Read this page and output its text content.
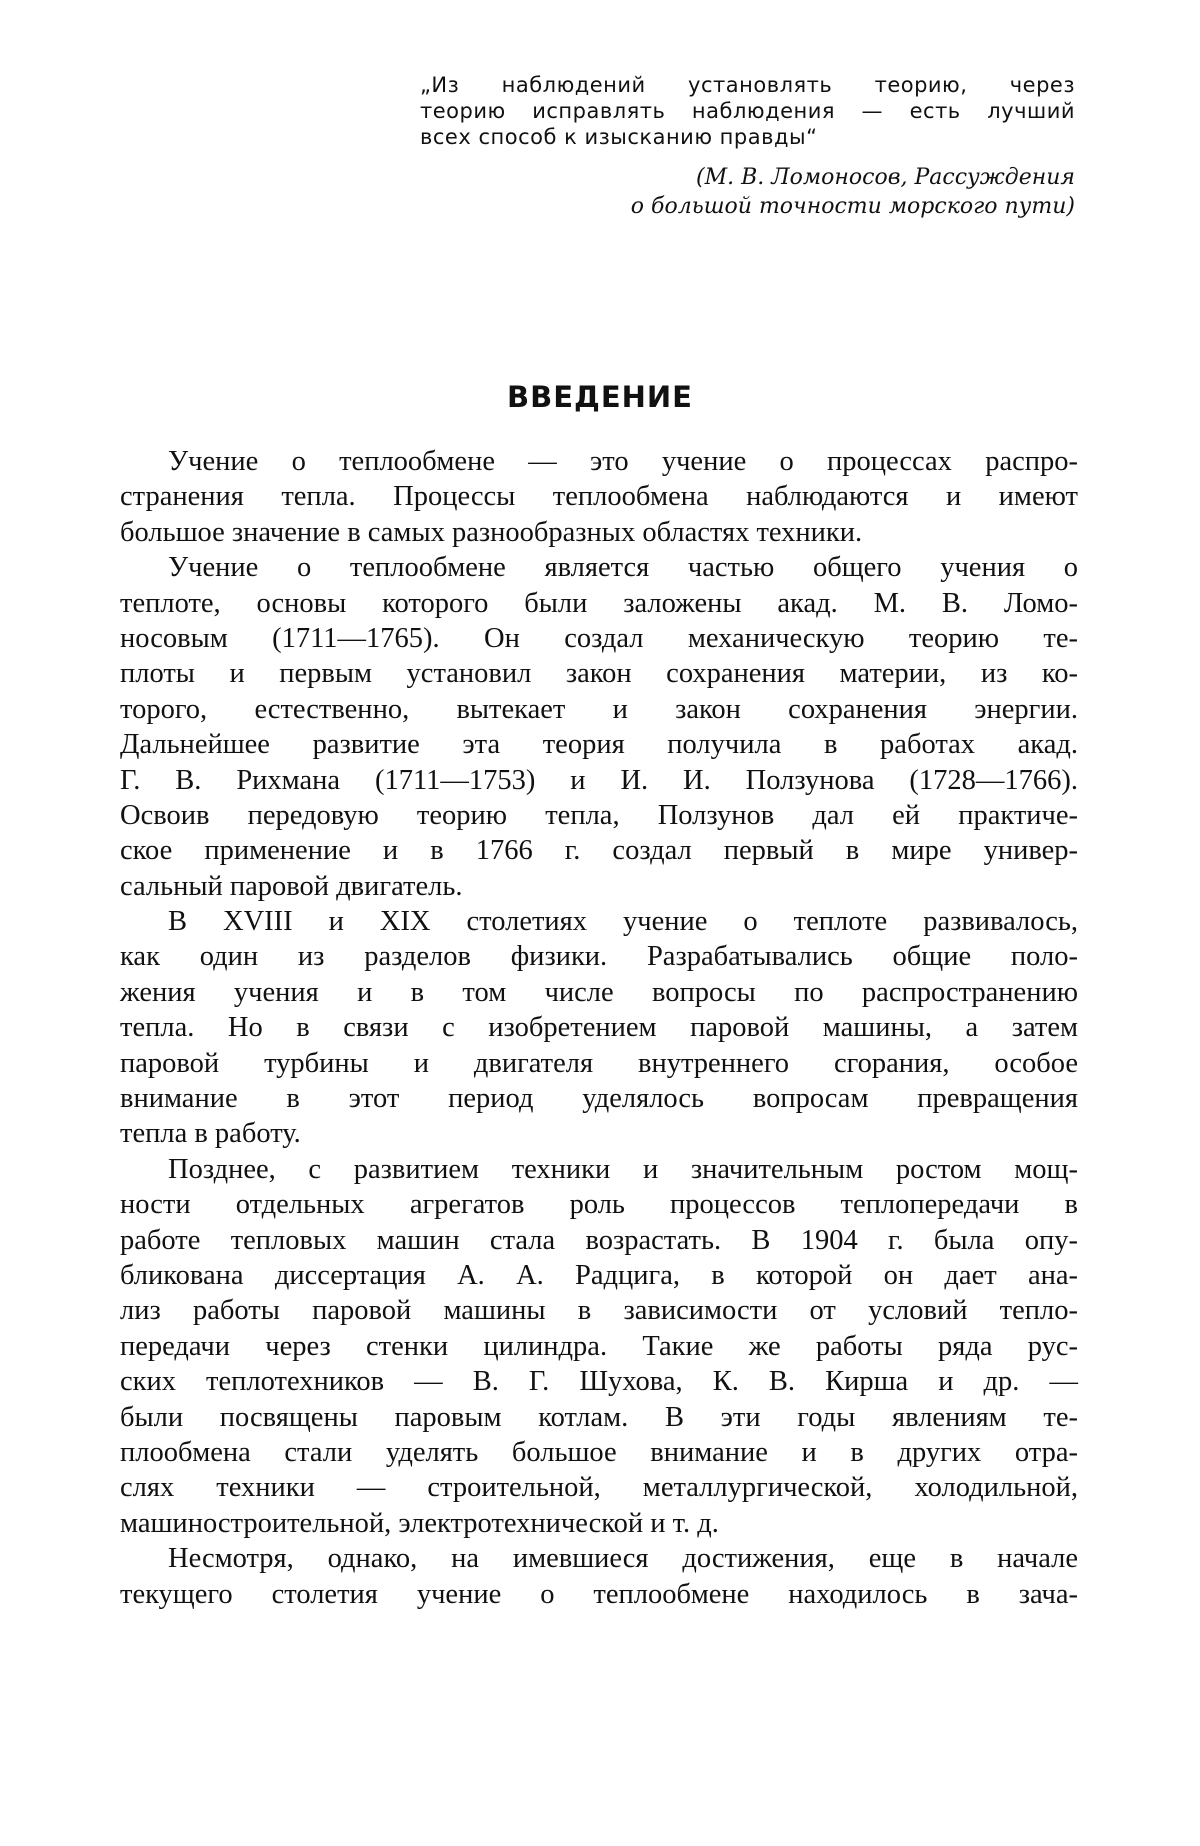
„Из наблюдений установлять теорию, через
теорию исправлять наблюдения — есть лучший
всех способ к изысканию правды“
(М. В. Ломоносов, Рассуждения
о большой точности морского пути)
ВВЕДЕНИЕ
Учение о теплообмене — это учение о процессах распро-
странения тепла. Процессы теплообмена наблюдаются и имеют
большое значение в самых разнообразных областях техники.
Учение о теплообмене является частью общего учения о
теплоте, основы которого были заложены акад. М. В. Ломо-
носовым (1711—1765). Он создал механическую теорию те-
плоты и первым установил закон сохранения материи, из ко-
торого, естественно, вытекает и закон сохранения энергии.
Дальнейшее развитие эта теория получила в работах акад.
Г. В. Рихмана (1711—1753) и И. И. Ползунова (1728—1766).
Освоив передовую теорию тепла, Ползунов дал ей практиче-
ское применение и в 1766 г. создал первый в мире универ-
сальный паровой двигатель.
В XVIII и XIX столетиях учение о теплоте развивалось,
как один из разделов физики. Разрабатывались общие поло-
жения учения и в том числе вопросы по распространению
тепла. Но в связи с изобретением паровой машины, а затем
паровой турбины и двигателя внутреннего сгорания, особое
внимание в этот период уделялось вопросам превращения
тепла в работу.
Позднее, с развитием техники и значительным ростом мощ-
ности отдельных агрегатов роль процессов теплопередачи в
работе тепловых машин стала возрастать. В 1904 г. была опу-
бликована диссертация А. А. Радцига, в которой он дает ана-
лиз работы паровой машины в зависимости от условий тепло-
передачи через стенки цилиндра. Такие же работы ряда рус-
ских теплотехников — В. Г. Шухова, К. В. Кирша и др. —
были посвящены паровым котлам. В эти годы явлениям те-
плообмена стали уделять большое внимание и в других отра-
слях техники — строительной, металлургической, холодильной,
машиностроительной, электротехнической и т. д.
Несмотря, однако, на имевшиеся достижения, еще в начале
текущего столетия учение о теплообмене находилось в зача-
